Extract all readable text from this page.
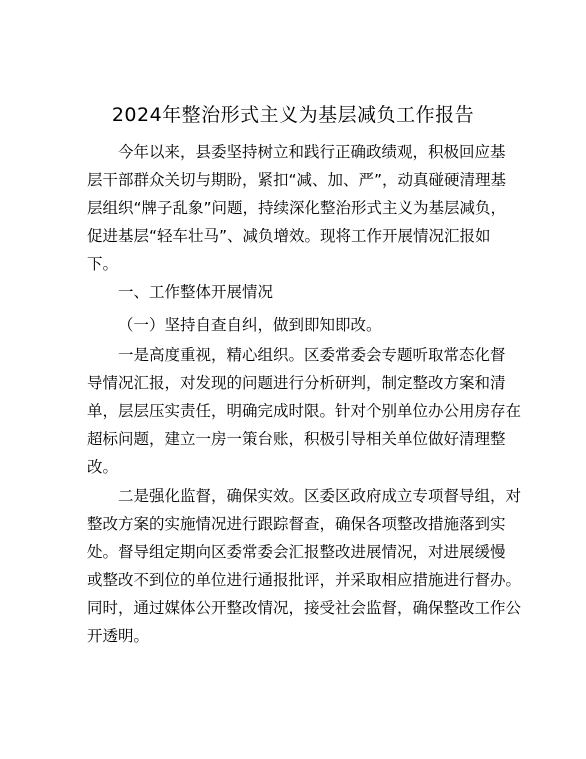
2024年整治形式主义为基层减负工作报告
今年以来，县委坚持树立和践行正确政绩观，积极回应基
层干部群众关切与期盼，紧扣“减、加、严”，动真碰硬清理基
层组织“牌子乱象”问题，持续深化整治形式主义为基层减负，
促进基层“轻车壮马”、减负增效。现将工作开展情况汇报如
下。
一、工作整体开展情况
（一）坚持自查自纠，做到即知即改。
一是高度重视，精心组织。区委常委会专题听取常态化督
导情况汇报，对发现的问题进行分析研判，制定整改方案和清
单，层层压实责任，明确完成时限。针对个别单位办公用房存在
超标问题，建立一房一策台账，积极引导相关单位做好清理整
改。
二是强化监督，确保实效。区委区政府成立专项督导组，对
整改方案的实施情况进行跟踪督查，确保各项整改措施落到实
处。督导组定期向区委常委会汇报整改进展情况，对进展缓慢
或整改不到位的单位进行通报批评，并采取相应措施进行督办。
同时，通过媒体公开整改情况，接受社会监督，确保整改工作公
开透明。
